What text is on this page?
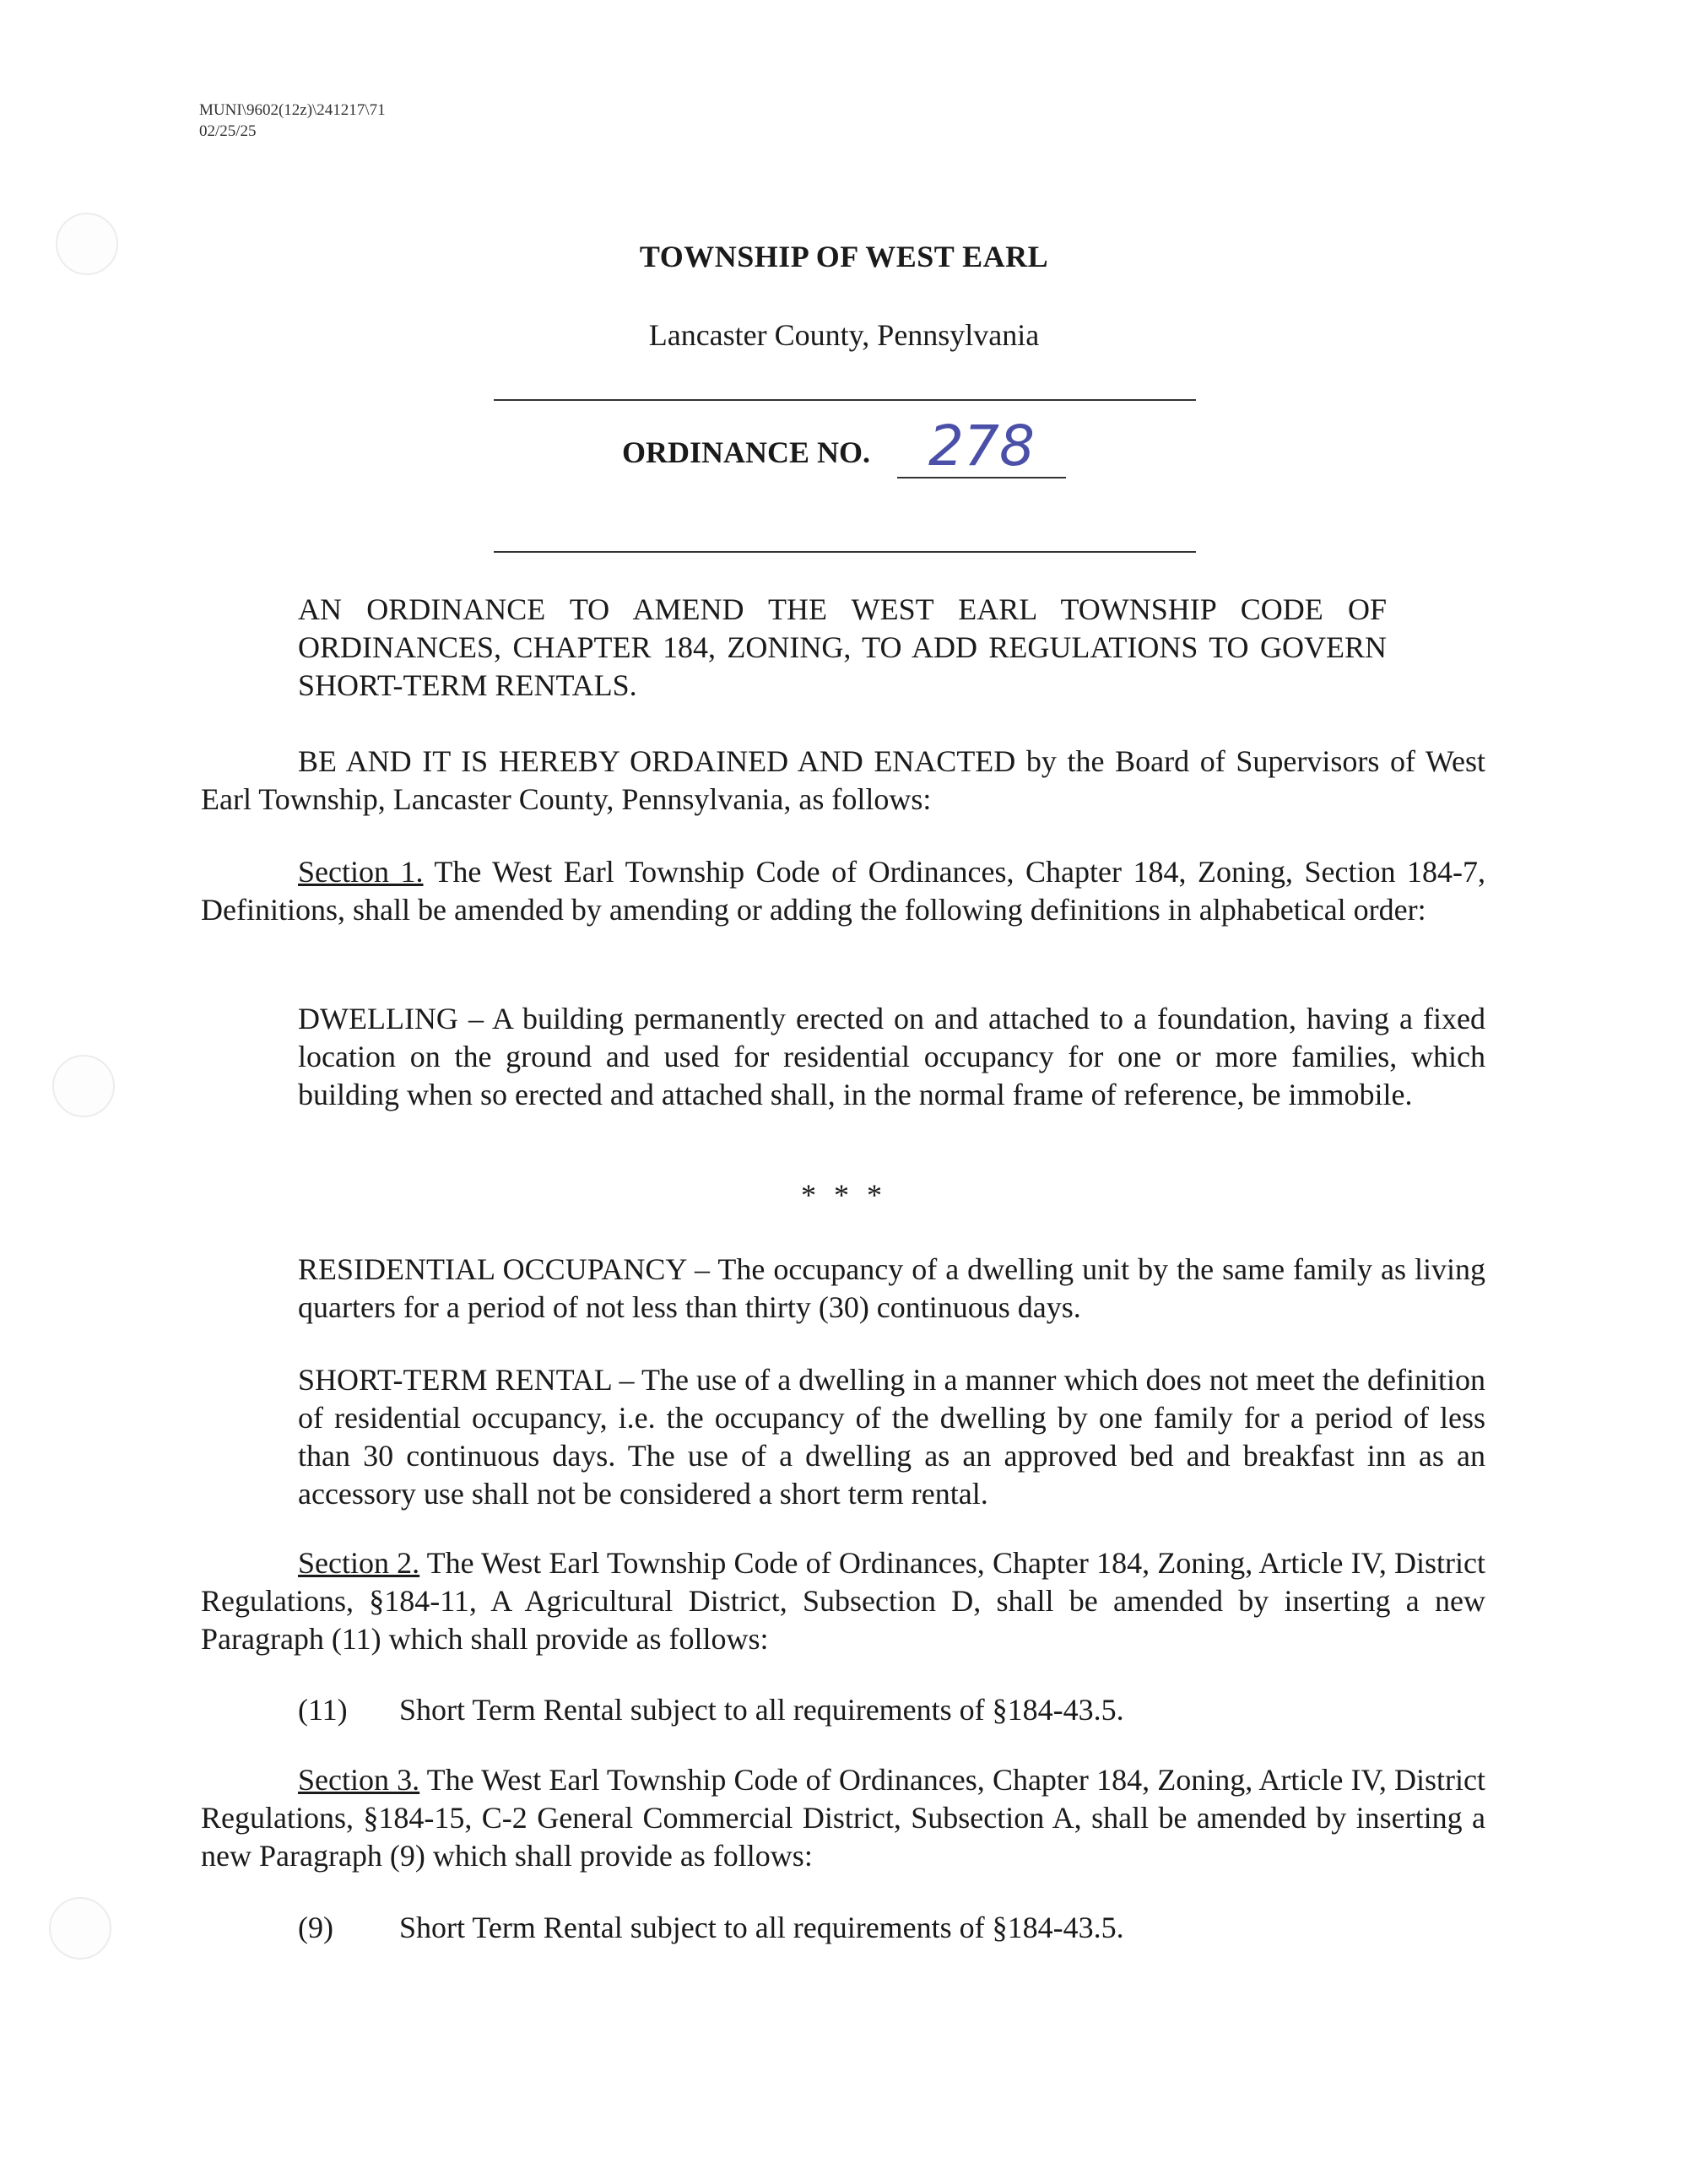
MUNI\9602(12z)\241217\71
02/25/25
TOWNSHIP OF WEST EARL
Lancaster County, Pennsylvania
ORDINANCE NO.	278
AN ORDINANCE TO AMEND THE WEST EARL TOWNSHIP CODE OF ORDINANCES, CHAPTER 184, ZONING, TO ADD REGULATIONS TO GOVERN SHORT-TERM RENTALS.
BE AND IT IS HEREBY ORDAINED AND ENACTED by the Board of Supervisors of West Earl Township, Lancaster County, Pennsylvania, as follows:
Section 1. The West Earl Township Code of Ordinances, Chapter 184, Zoning, Section 184-7, Definitions, shall be amended by amending or adding the following definitions in alphabetical order:
DWELLING – A building permanently erected on and attached to a foundation, having a fixed location on the ground and used for residential occupancy for one or more families, which building when so erected and attached shall, in the normal frame of reference, be immobile.
* * *
RESIDENTIAL OCCUPANCY – The occupancy of a dwelling unit by the same family as living quarters for a period of not less than thirty (30) continuous days.
SHORT-TERM RENTAL – The use of a dwelling in a manner which does not meet the definition of residential occupancy, i.e. the occupancy of the dwelling by one family for a period of less than 30 continuous days. The use of a dwelling as an approved bed and breakfast inn as an accessory use shall not be considered a short term rental.
Section 2. The West Earl Township Code of Ordinances, Chapter 184, Zoning, Article IV, District Regulations, §184-11, A Agricultural District, Subsection D, shall be amended by inserting a new Paragraph (11) which shall provide as follows:
(11) Short Term Rental subject to all requirements of §184-43.5.
Section 3. The West Earl Township Code of Ordinances, Chapter 184, Zoning, Article IV, District Regulations, §184-15, C-2 General Commercial District, Subsection A, shall be amended by inserting a new Paragraph (9) which shall provide as follows:
(9) Short Term Rental subject to all requirements of §184-43.5.
